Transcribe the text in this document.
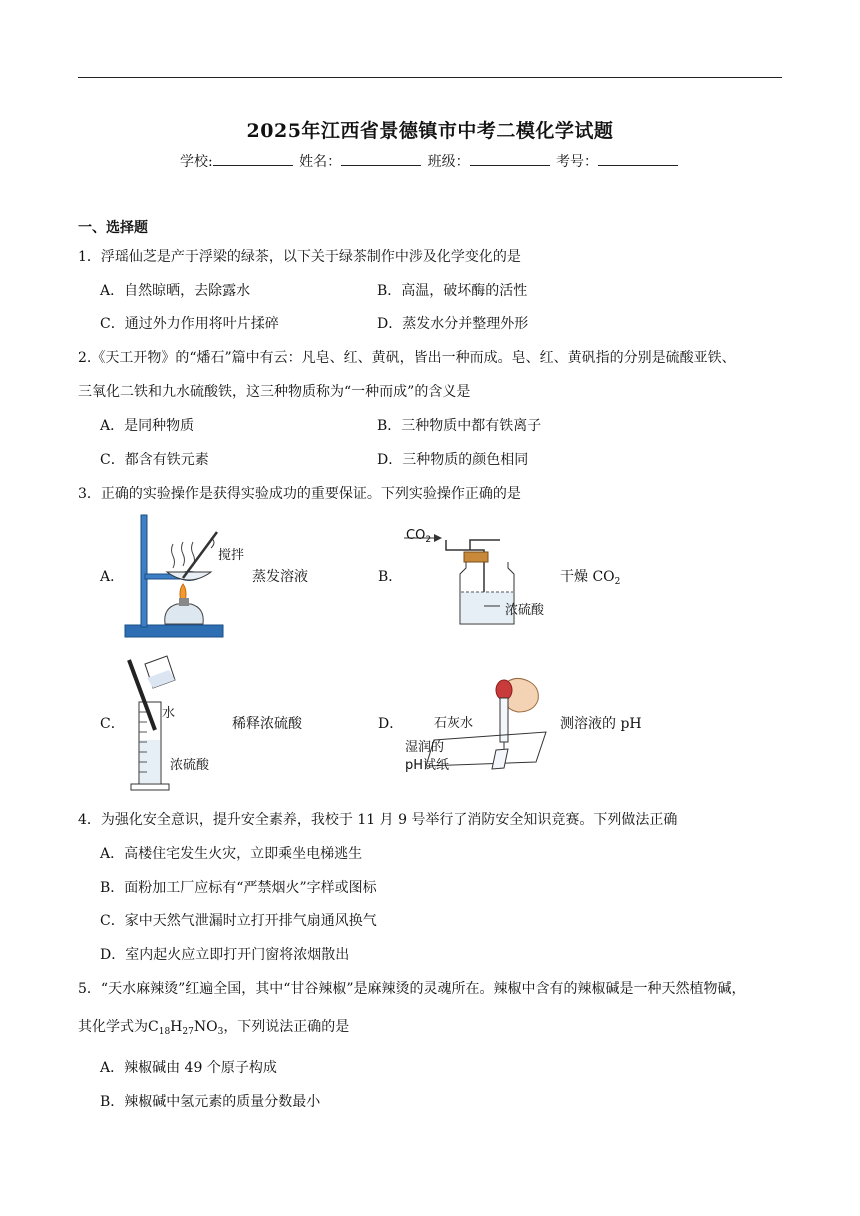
2025年江西省景德镇市中考二模化学试题
学校:	姓名：	班级：	考号：
一、选择题
1．浮瑶仙芝是产于浮梁的绿茶，以下关于绿茶制作中涉及化学变化的是
A．自然晾晒，去除露水	B．高温，破坏酶的活性
C．通过外力作用将叶片揉碎	D．蒸发水分并整理外形
2.《天工开物》的“燔石”篇中有云：凡皂、红、黄矾，皆出一种而成。皂、红、黄矾指的分别是硫酸亚铁、
三氧化二铁和九水硫酸铁，这三种物质称为“一种而成”的含义是
A．是同种物质	B．三种物质中都有铁离子
C．都含有铁元素	D．三种物质的颜色相同
3．正确的实验操作是获得实验成功的重要保证。下列实验操作正确的是
A．	蒸发溶液
搅拌
B．	干燥 $CO_2$
$CO_2$
浓硫酸
C．	稀释浓硫酸
水
浓硫酸
D．	测溶液的 pH
石灰水
湿润的
pH试纸
4．为强化安全意识，提升安全素养，我校于 11 月 9 号举行了消防安全知识竞赛。下列做法正确
A．高楼住宅发生火灾，立即乘坐电梯逃生
B．面粉加工厂应标有“严禁烟火”字样或图标
C．家中天然气泄漏时立打开排气扇通风换气
D．室内起火应立即打开门窗将浓烟散出
5．“天水麻辣烫”红遍全国，其中“甘谷辣椒”是麻辣烫的灵魂所在。辣椒中含有的辣椒碱是一种天然植物碱，
其化学式为$C_{18}H_{27}NO_3$，下列说法正确的是
A．辣椒碱由 49 个原子构成
B．辣椒碱中氢元素的质量分数最小
